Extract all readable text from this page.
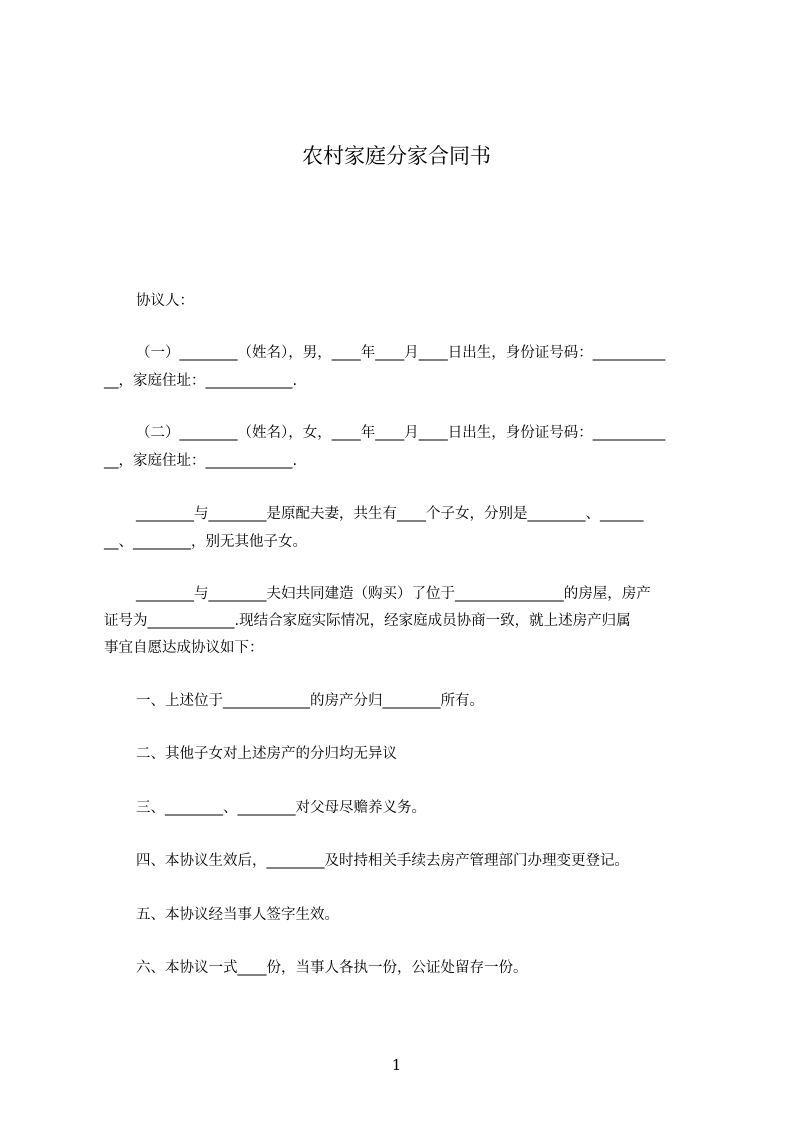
农村家庭分家合同书
协议人：
（一）________（姓名），男，____年____月____日出生，身份证号码：__________
__，家庭住址：____________.
（二）________（姓名），女，____年____月____日出生，身份证号码：__________
__，家庭住址：____________.
________与________是原配夫妻，共生有____个子女，分别是________、______
__、________，别无其他子女。
________与________夫妇共同建造（购买）了位于_______________的房屋，房产
证号为____________.现结合家庭实际情况，经家庭成员协商一致，就上述房产归属
事宜自愿达成协议如下：
一、上述位于____________的房产分归________所有。
二、其他子女对上述房产的分归均无异议
三、________、________对父母尽赡养义务。
四、本协议生效后，________及时持相关手续去房产管理部门办理变更登记。
五、本协议经当事人签字生效。
六、本协议一式____份，当事人各执一份，公证处留存一份。
1
